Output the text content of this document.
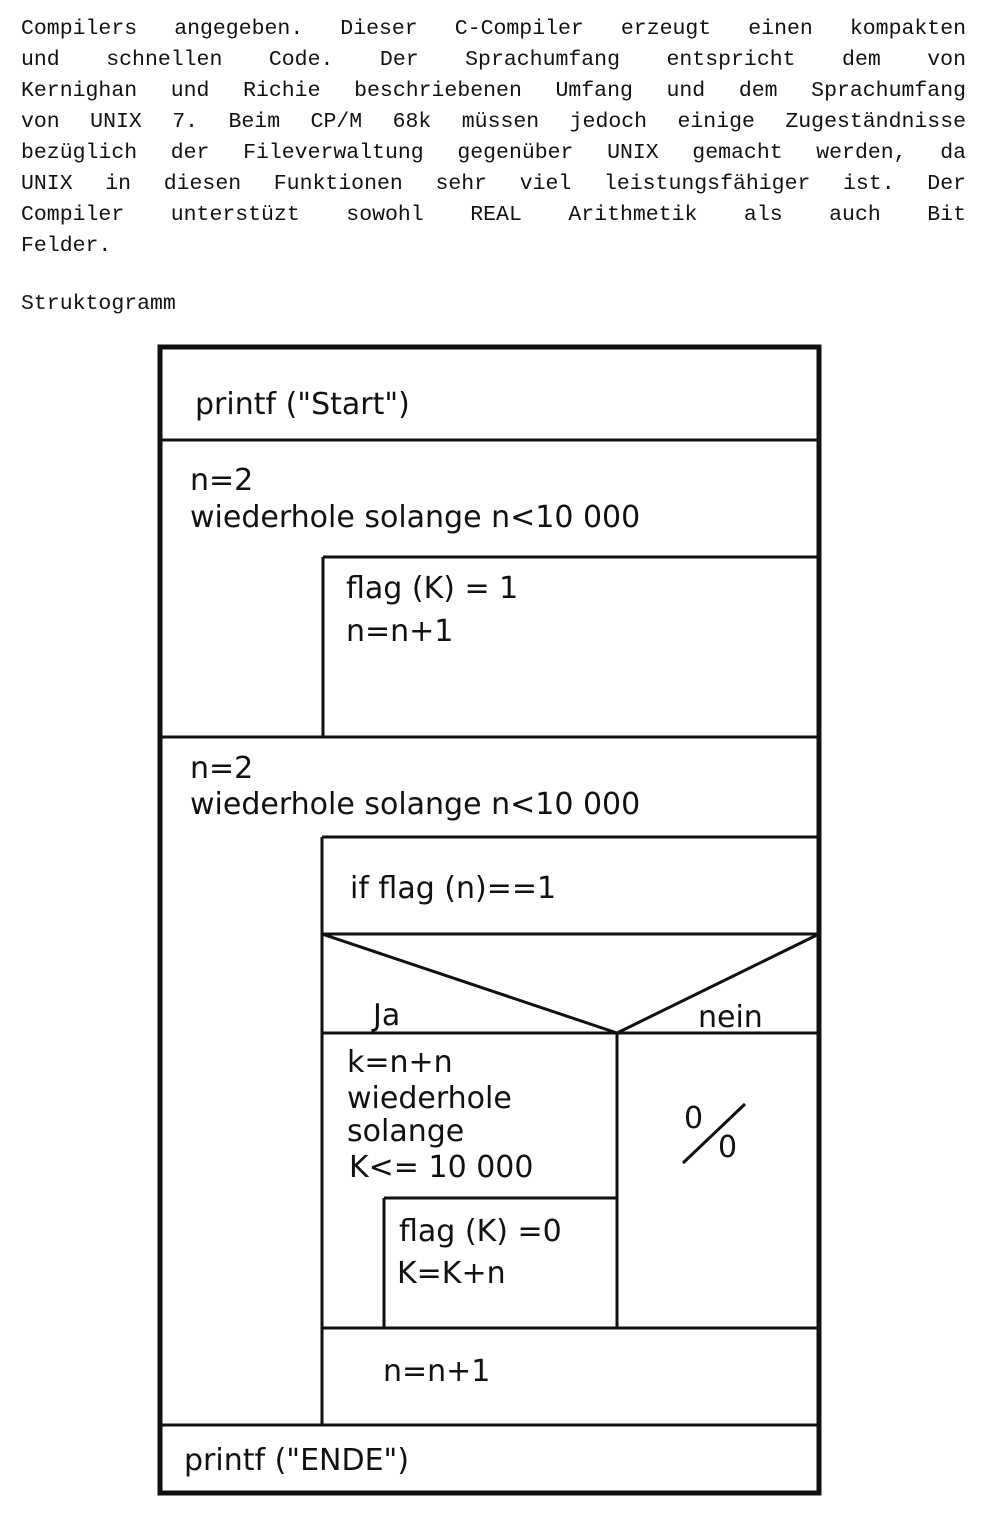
Compilers angegeben. Dieser C-Compiler erzeugt einen kompakten
und schnellen Code. Der Sprachumfang entspricht dem von
Kernighan und Richie beschriebenen Umfang und dem Sprachumfang
von UNIX 7. Beim CP/M 68k müssen jedoch einige Zugeständnisse
bezüglich der Fileverwaltung gegenüber UNIX gemacht werden, da
UNIX in diesen Funktionen sehr viel leistungsfähiger ist. Der
Compiler unterstüzt sowohl REAL Arithmetik als auch Bit
Felder.
Struktogramm
printf ("Start")
n=2
wiederhole solange n<10 000
flag (K) = 1
n=n+1
n=2
wiederhole solange n<10 000
if flag (n)==1
Ja	nein
k=n+n
wiederhole
solange
K<= 10 000
0
0
flag (K) =0
K=K+n
n=n+1
printf ("ENDE")
